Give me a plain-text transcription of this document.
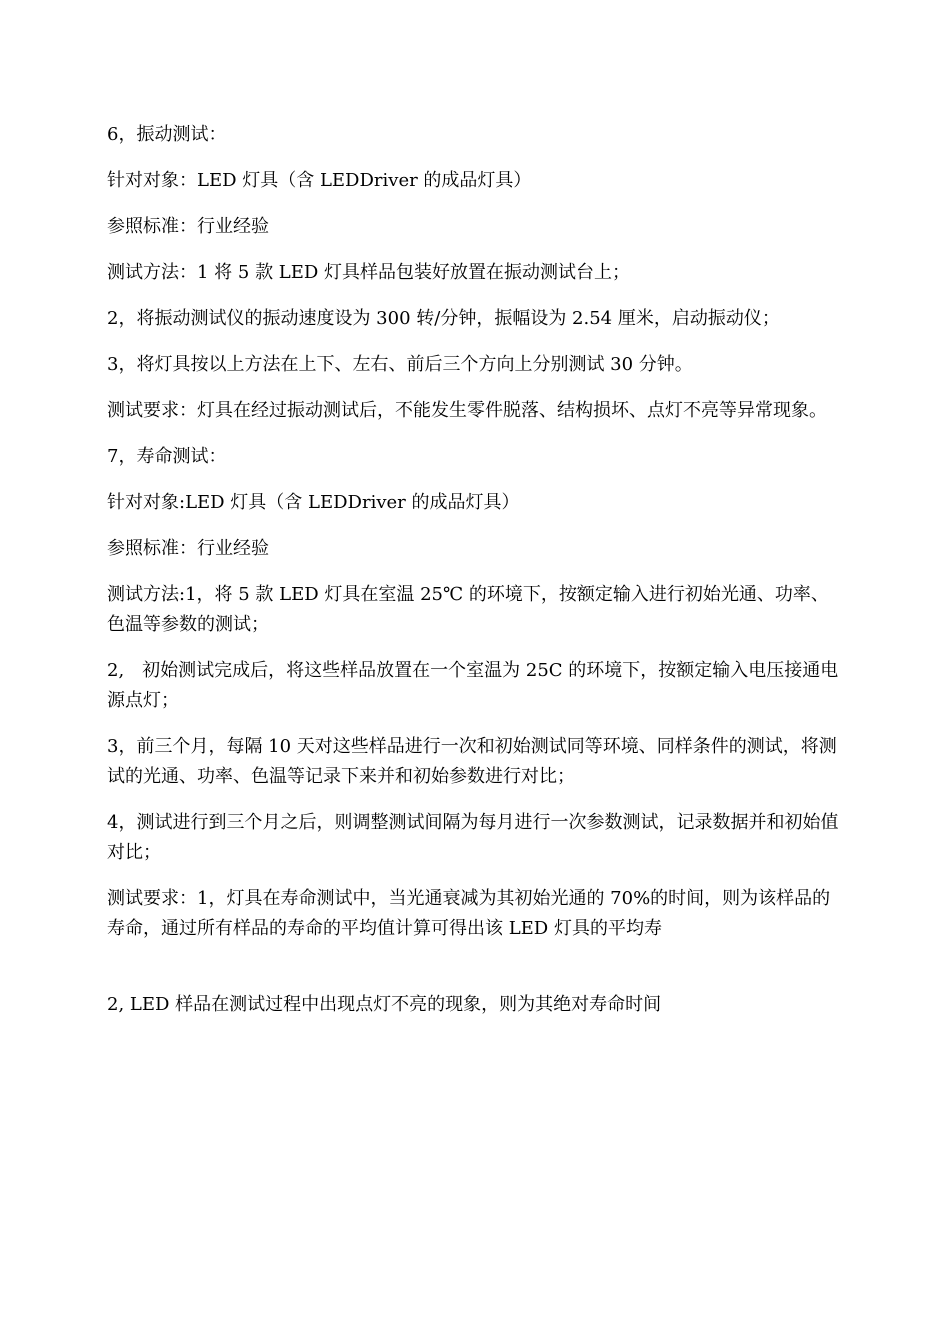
6，振动测试：

针对对象：LED 灯具（含 LEDDriver 的成品灯具）

参照标准：行业经验

测试方法：1 将 5 款 LED 灯具样品包装好放置在振动测试台上；

2，将振动测试仪的振动速度设为 300 转/分钟，振幅设为 2.54 厘米，启动振动仪；

3，将灯具按以上方法在上下、左右、前后三个方向上分别测试 30 分钟。

测试要求：灯具在经过振动测试后，不能发生零件脱落、结构损坏、点灯不亮等异常现象。

7，寿命测试：

针对对象:LED 灯具（含 LEDDriver 的成品灯具）

参照标准：行业经验

测试方法:1，将 5 款 LED 灯具在室温 25℃ 的环境下，按额定输入进行初始光通、功率、色温等参数的测试；

2,　初始测试完成后，将这些样品放置在一个室温为 25C 的环境下，按额定输入电压接通电源点灯；

3，前三个月，每隔 10 天对这些样品进行一次和初始测试同等环境、同样条件的测试，将测试的光通、功率、色温等记录下来并和初始参数进行对比；

4，测试进行到三个月之后，则调整测试间隔为每月进行一次参数测试，记录数据并和初始值对比；

测试要求：1，灯具在寿命测试中，当光通衰减为其初始光通的 70%的时间，则为该样品的寿命，通过所有样品的寿命的平均值计算可得出该 LED 灯具的平均寿

2, LED 样品在测试过程中出现点灯不亮的现象，则为其绝对寿命时间
